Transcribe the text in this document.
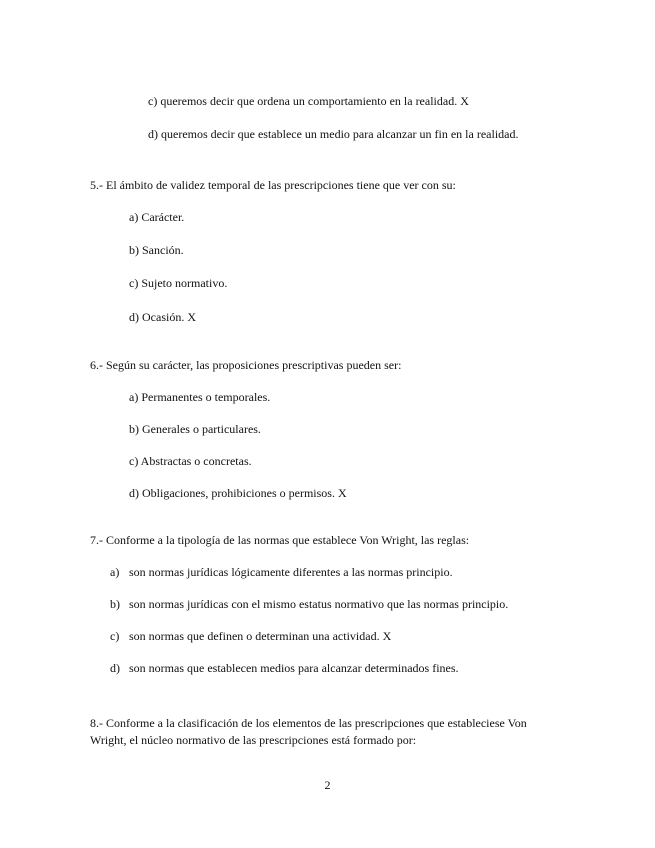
c) queremos decir que ordena un comportamiento en la realidad. X
d) queremos decir que establece un medio para alcanzar un fin en la realidad.
5.- El ámbito de validez temporal de las prescripciones tiene que ver con su:
a) Carácter.
b) Sanción.
c) Sujeto normativo.
d) Ocasión. X
6.- Según su carácter, las proposiciones prescriptivas pueden ser:
a) Permanentes o temporales.
b) Generales o particulares.
c) Abstractas o concretas.
d) Obligaciones, prohibiciones o permisos. X
7.- Conforme a la tipología de las normas que establece Von Wright, las reglas:
a) son normas jurídicas lógicamente diferentes a las normas principio.
b) son normas jurídicas con el mismo estatus normativo que las normas principio.
c) son normas que definen o determinan una actividad. X
d) son normas que establecen medios para alcanzar determinados fines.
8.- Conforme a la clasificación de los elementos de las prescripciones que estableciese Von
Wright, el núcleo normativo de las prescripciones está formado por:
2
